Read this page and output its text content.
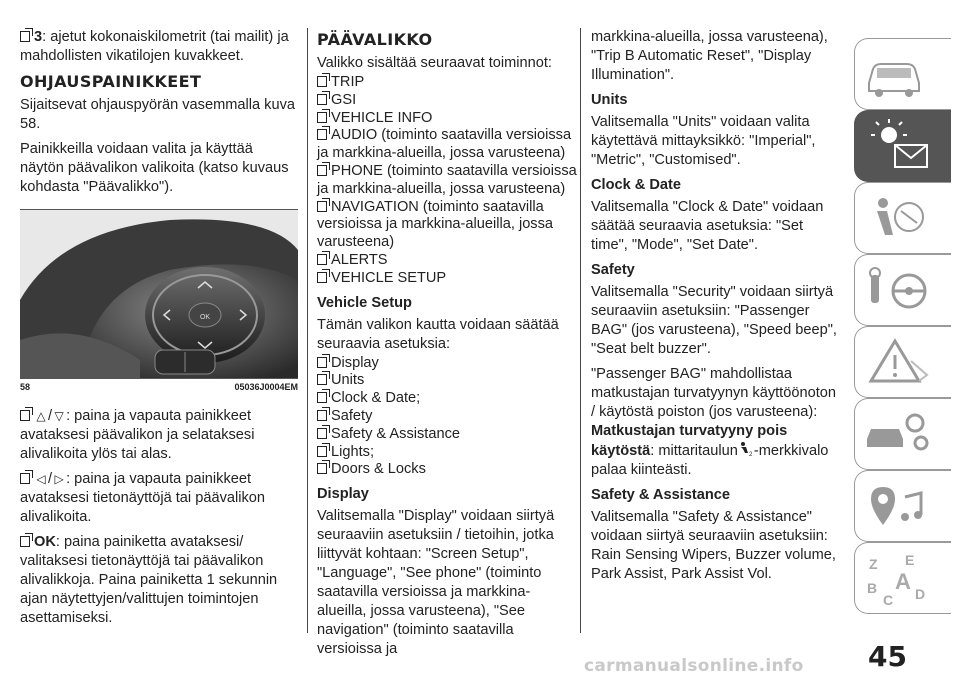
3: ajetut kokonaiskilometrit (tai mailit) ja mahdollisten vikatilojen kuvakkeet.

OHJAUSPAINIKKEET

Sijaitsevat ohjauspyörän vasemmalla kuva 58.

Painikkeilla voidaan valita ja käyttää näytön päävalikon valikoita (katso kuvaus kohdasta "Päävalikko").

OK
58	05036J0004EM

△ / ▽ : paina ja vapauta painikkeet avataksesi päävalikon ja selataksesi alivalikoita ylös tai alas.

◁ / ▷ : paina ja vapauta painikkeet avataksesi tietonäyttöjä tai päävalikon alivalikoita.

OK: paina painiketta avataksesi/ valitaksesi tietonäyttöjä tai päävalikon alivalikkoja. Paina painiketta 1 sekunnin ajan näytettyjen/valittujen toimintojen asettamiseksi.

PÄÄVALIKKO

Valikko sisältää seuraavat toiminnot:

TRIP

GSI

VEHICLE INFO

AUDIO (toiminto saatavilla versioissa ja markkina-alueilla, jossa varusteena)

PHONE (toiminto saatavilla versioissa ja markkina-alueilla, jossa varusteena)

NAVIGATION (toiminto saatavilla versioissa ja markkina-alueilla, jossa varusteena)

ALERTS

VEHICLE SETUP

Vehicle Setup

Tämän valikon kautta voidaan säätää seuraavia asetuksia:

Display

Units

Clock & Date;

Safety

Safety & Assistance

Lights;

Doors & Locks

Display

Valitsemalla "Display" voidaan siirtyä seuraaviin asetuksiin / tietoihin, jotka liittyvät kohtaan: "Screen Setup", "Language", "See phone" (toiminto saatavilla versioissa ja markkina-alueilla, jossa varusteena), "See navigation" (toiminto saatavilla versioissa ja

markkina-alueilla, jossa varusteena), "Trip B Automatic Reset", "Display Illumination".

Units

Valitsemalla "Units" voidaan valita käytettävä mittayksikkö: "Imperial", "Metric", "Customised".

Clock & Date

Valitsemalla "Clock & Date" voidaan säätää seuraavia asetuksia: "Set time", "Mode", "Set Date".

Safety

Valitsemalla "Security" voidaan siirtyä seuraaviin asetuksiin: "Passenger BAG" (jos varusteena), "Speed beep", "Seat belt buzzer".

"Passenger BAG" mahdollistaa matkustajan turvatyynyn käyttöönoton / käytöstä poiston (jos varusteena):
Matkustajan turvatyyny pois käytöstä: mittaritaulun 2 -merkkivalo palaa kiinteästi.

Safety & Assistance

Valitsemalla "Safety & Assistance" voidaan siirtyä seuraaviin asetuksiin: Rain Sensing Wipers, Buzzer volume, Park Assist, Park Assist Vol.

Z E
B A
C D
45
carmanualsonline.info
